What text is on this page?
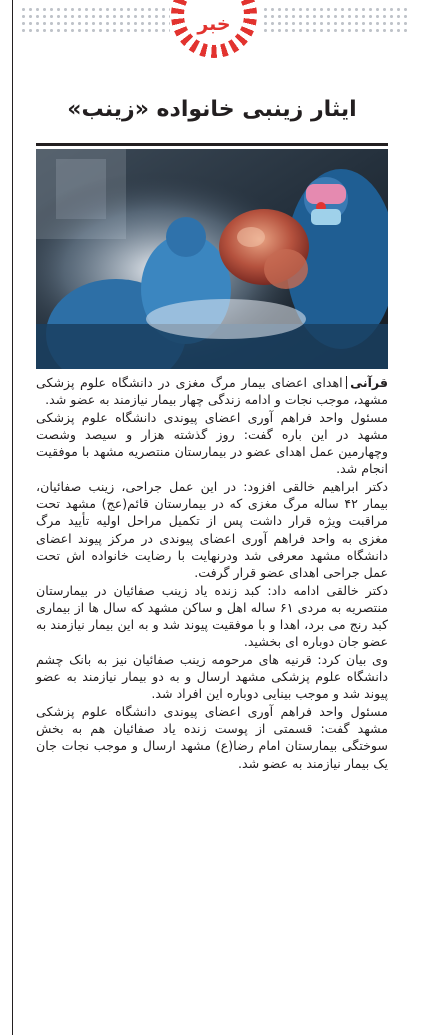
خبر
ایثار زینبی خانواده «زینب»

قرآنیاهدای اعضای بیمار مرگ مغزی در دانشگاه علوم پزشکی مشهد، موجب نجات و ادامه زندگی چهار بیمار نیازمند به عضو شد.

مسئول واحد فراهم آوری اعضای پیوندی دانشگاه علوم پزشکی مشهد در این باره گفت: روز گذشته هزار و سیصد وشصت وچهارمین عمل اهدای عضو در بیمارستان منتصریه مشهد با موفقیت انجام شد.

دکتر ابراهیم خالقی افزود: در این عمل جراحی، زینب صفائیان، بیمار ۴۲ ساله مرگ مغزی که در بیمارستان قائم(عج) مشهد تحت مراقبت ویژه قرار داشت پس از تکمیل مراحل اولیه تأیید مرگ مغزی به واحد فراهم آوری اعضای پیوندی در مرکز پیوند اعضای دانشگاه مشهد معرفی شد ودرنهایت با رضایت خانواده اش تحت عمل جراحی اهدای عضو قرار گرفت.

دکتر خالقی ادامه داد: کبد زنده یاد زینب صفائیان در بیمارستان منتصریه به مردی ۶۱ ساله اهل و ساکن مشهد که سال ها از بیماری کبد رنج می برد، اهدا و با موفقیت پیوند شد و به این بیمار نیازمند به عضو جان دوباره ای بخشید.

وی بیان کرد: قرنیه های مرحومه زینب صفائیان نیز به بانک چشم دانشگاه علوم پزشکی مشهد ارسال و به دو بیمار نیازمند به عضو پیوند شد و موجب بینایی دوباره این افراد شد.

مسئول واحد فراهم آوری اعضای پیوندی دانشگاه علوم پزشکی مشهد گفت: قسمتی از پوست زنده یاد صفائیان هم به بخش سوختگی بیمارستان امام رضا(ع) مشهد ارسال و موجب نجات جان یک بیمار نیازمند به عضو شد.
